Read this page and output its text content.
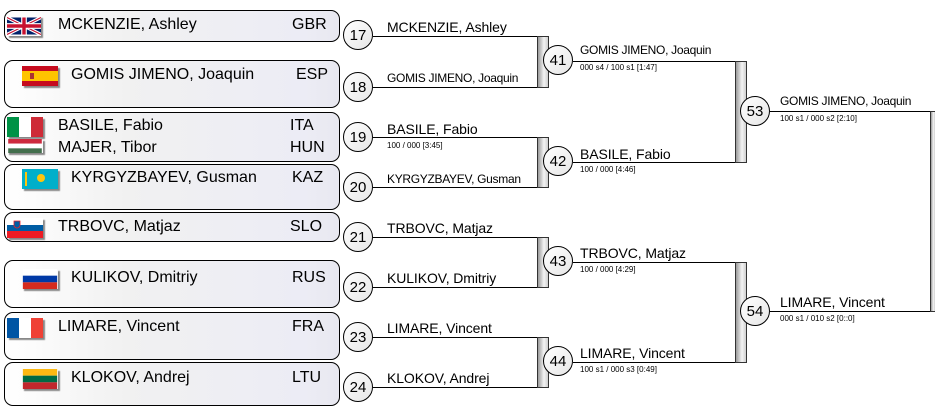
MCKENZIE, Ashley	GBR
GOMIS JIMENO, Joaquin	ESP
BASILE, Fabio	ITA
MAJER, Tibor	HUN
KYRGYZBAYEV, Gusman KAZ
TRBOVC, Matjaz	SLO
KULIKOV, Dmitriy	RUS
LIMARE, Vincent	FRA
KLOKOV, Andrej	LTU
17
18
19
20
21
22
23
24
MCKENZIE, Ashley
GOMIS JIMENO, Joaquin
BASILE, Fabio
100 / 000 [3:45]
KYRGYZBAYEV, Gusman
TRBOVC, Matjaz
KULIKOV, Dmitriy
LIMARE, Vincent
KLOKOV, Andrej
41
GOMIS JIMENO, Joaquin
000 s4 / 100 s1 [1:47]
42 BASILE, Fabio
100 / 000 [4:46]
43 TRBOVC, Matjaz
100 / 000 [4:29]
44 LIMARE, Vincent
100 s1 / 000 s3 [0:49]
53
GOMIS JIMENO, Joaquin
100 s1 / 000 s2 [2:10]
54
LIMARE, Vincent
000 s1 / 010 s2 [0::0]
